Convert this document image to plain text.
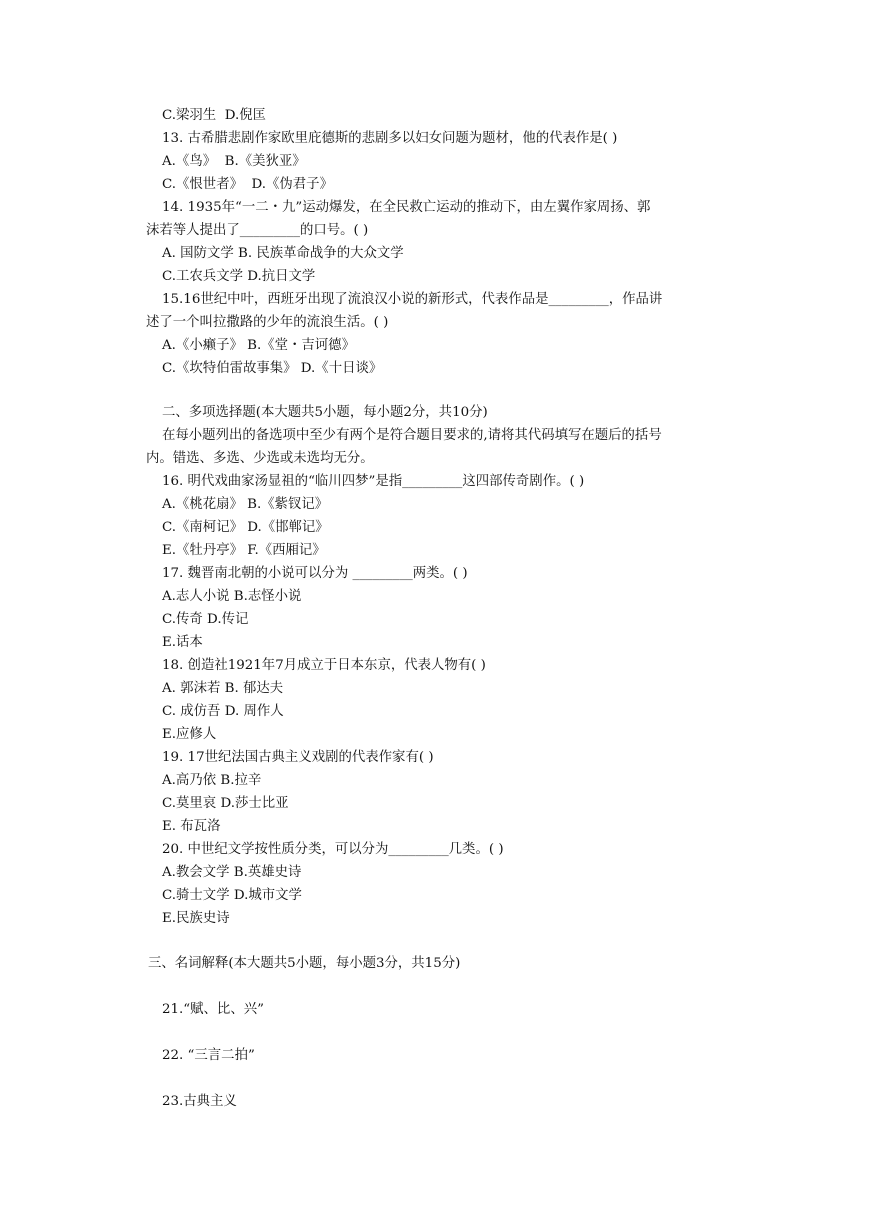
C.梁羽生  D.倪匡
13. 古希腊悲剧作家欧里庇德斯的悲剧多以妇女问题为题材，他的代表作是( )
A.《鸟》  B.《美狄亚》
C.《恨世者》  D.《伪君子》
14. 1935年“一二・九”运动爆发，在全民救亡运动的推动下，由左翼作家周扬、郭
沫若等人提出了_________的口号。( )
A. 国防文学 B. 民族革命战争的大众文学
C.工农兵文学 D.抗日文学
15.16世纪中叶，西班牙出现了流浪汉小说的新形式，代表作品是_________，作品讲
述了一个叫拉撒路的少年的流浪生活。( )
A.《小癞子》 B.《堂・吉诃德》
C.《坎特伯雷故事集》 D.《十日谈》
二、多项选择题(本大题共5小题，每小题2分，共10分)
在每小题列出的备选项中至少有两个是符合题目要求的,请将其代码填写在题后的括号
内。错选、多选、少选或未选均无分。
16. 明代戏曲家汤显祖的“临川四梦”是指_________这四部传奇剧作。( )
A.《桃花扇》 B.《紫钗记》
C.《南柯记》 D.《邯郸记》
E.《牡丹亭》 F.《西厢记》
17. 魏晋南北朝的小说可以分为 _________两类。( )
A.志人小说 B.志怪小说
C.传奇 D.传记
E.话本
18. 创造社1921年7月成立于日本东京，代表人物有( )
A. 郭沫若 B. 郁达夫
C. 成仿吾 D. 周作人
E.应修人
19. 17世纪法国古典主义戏剧的代表作家有( )
A.高乃依 B.拉辛
C.莫里哀 D.莎士比亚
E. 布瓦洛
20. 中世纪文学按性质分类，可以分为_________几类。( )
A.教会文学 B.英雄史诗
C.骑士文学 D.城市文学
E.民族史诗
三、名词解释(本大题共5小题，每小题3分，共15分)
21.“赋、比、兴”
22. “三言二拍”
23.古典主义
